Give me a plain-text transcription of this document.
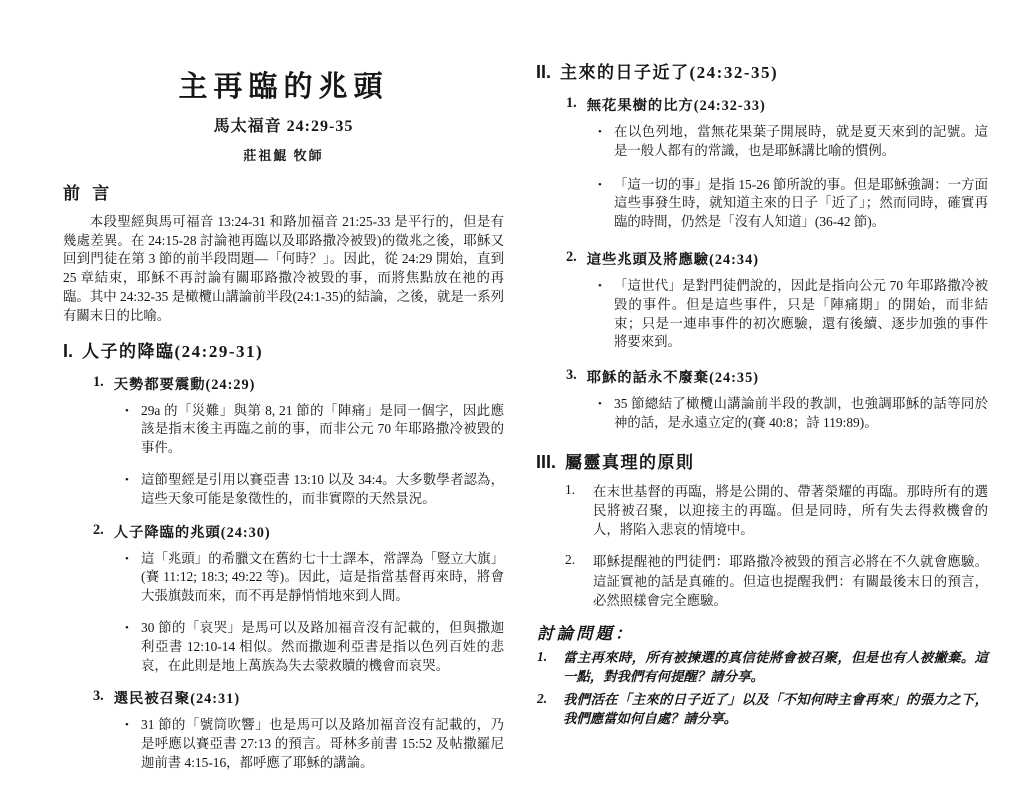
主再臨的兆頭
馬太福音 24:29-35
莊祖鯤 牧師
前 言

本段聖經與馬可福音 13:24-31 和路加福音 21:25-33 是平行的，但是有幾處差異。在 24:15-28 討論祂再臨以及耶路撒冷被毀)的徵兆之後，耶穌又回到門徒在第 3 節的前半段問題—「何時？」。因此，從 24:29 開始，直到 25 章結束，耶穌不再討論有關耶路撒冷被毀的事，而將焦點放在祂的再臨。其中 24:32-35 是橄欖山講論前半段(24:1-35)的結論，之後，就是一系列有關末日的比喻。

I. 人子的降臨(24:29-31)
1. 天勢都要震動(24:29)
• 29a 的「災難」與第 8, 21 節的「陣痛」是同一個字，因此應該是指末後主再臨之前的事，而非公元 70 年耶路撒冷被毀的事件。

• 這節聖經是引用以賽亞書 13:10 以及 34:4。大多數學者認為，這些天象可能是象徵性的，而非實際的天然景況。

2. 人子降臨的兆頭(24:30)
• 這「兆頭」的希臘文在舊約七十士譯本，常譯為「豎立大旗」(賽 11:12; 18:3; 49:22 等)。因此，這是指當基督再來時，將會大張旗鼓而來，而不再是靜悄悄地來到人間。

• 30 節的「哀哭」是馬可以及路加福音沒有記載的，但與撒迦利亞書 12:10-14 相似。然而撒迦利亞書是指以色列百姓的悲哀，在此則是地上萬族為失去蒙救贖的機會而哀哭。

3. 選民被召聚(24:31)
• 31 節的「號筒吹響」也是馬可以及路加福音沒有記載的，乃是呼應以賽亞書 27:13 的預言。哥林多前書 15:52 及帖撒羅尼迦前書 4:15-16，都呼應了耶穌的講論。

II. 主來的日子近了(24:32-35)
1. 無花果樹的比方(24:32-33)
• 在以色列地，當無花果葉子開展時，就是夏天來到的記號。這是一般人都有的常識，也是耶穌講比喻的慣例。

• 「這一切的事」是指 15-26 節所說的事。但是耶穌強調：一方面這些事發生時，就知道主來的日子「近了」；然而同時，確實再臨的時間，仍然是「沒有人知道」(36-42 節)。

2. 這些兆頭及將應驗(24:34)
• 「這世代」是對門徒們說的，因此是指向公元 70 年耶路撒冷被毀的事件。但是這些事件，只是「陣痛期」的開始，而非結束；只是一連串事件的初次應驗，還有後續、逐步加強的事件將要來到。

3. 耶穌的話永不廢棄(24:35)
• 35 節總結了橄欖山講論前半段的教訓，也強調耶穌的話等同於神的話，是永遠立定的(賽 40:8；詩 119:89)。

III. 屬靈真理的原則
1.	在末世基督的再臨，將是公開的、帶著榮耀的再臨。那時所有的選民將被召聚，以迎接主的再臨。但是同時，所有失去得救機會的人，將陷入悲哀的情境中。

2.	耶穌提醒祂的門徒們：耶路撒冷被毀的預言必將在不久就會應驗。這証實祂的話是真確的。但這也提醒我們：有關最後末日的預言，必然照樣會完全應驗。

討論問題：
1.	當主再來時，所有被揀選的真信徒將會被召聚，但是也有人被撇棄。這一點，對我們有何提醒？請分享。

2.	我們活在「主來的日子近了」以及「不知何時主會再來」的張力之下，我們應當如何自處？請分享。
